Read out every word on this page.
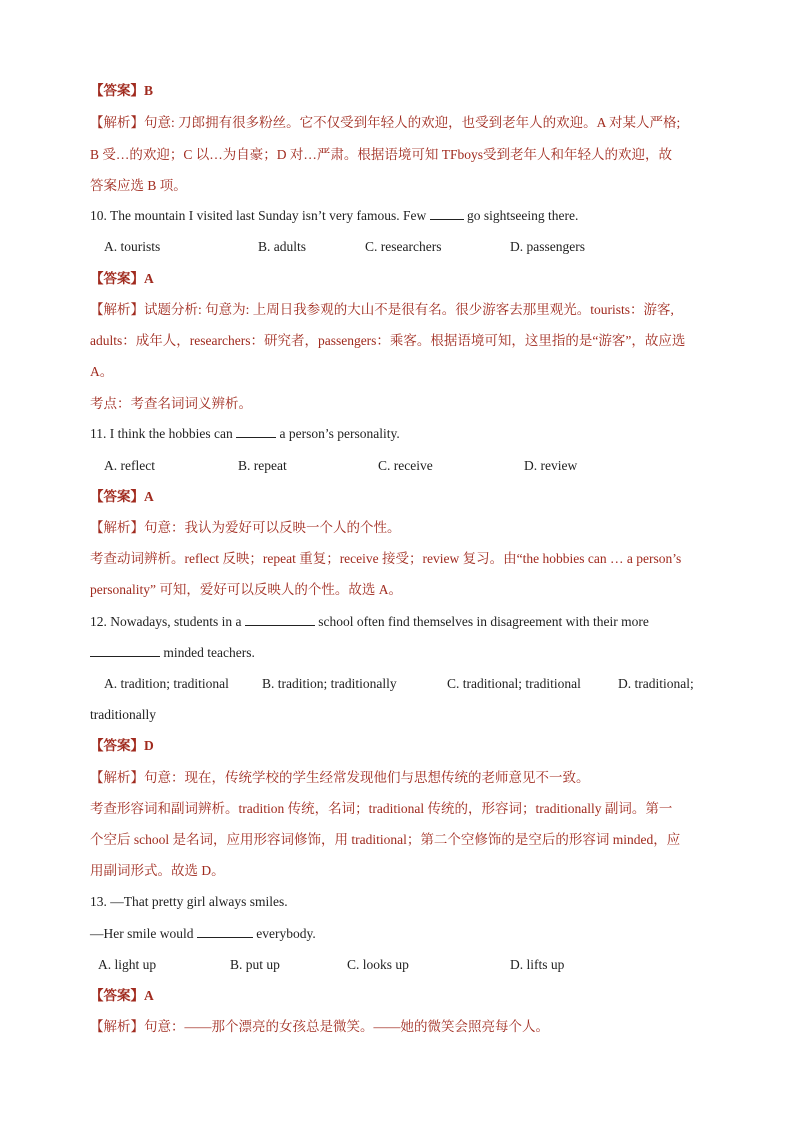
【答案】B
【解析】句意: 刀郎拥有很多粉丝。它不仅受到年轻人的欢迎，也受到老年人的欢迎。A 对某人严格;
B 受…的欢迎；C 以…为自豪；D 对…严肃。根据语境可知 TFboys受到老年人和年轻人的欢迎，故
答案应选 B 项。
10. The mountain I visited last Sunday isn’t very famous. Few	go sightseeing there.
A. tourists	B. adults	C. researchers	D. passengers
【答案】A
【解析】试题分析: 句意为: 上周日我参观的大山不是很有名。很少游客去那里观光。tourists：游客,
adults：成年人，researchers：研究者，passengers：乘客。根据语境可知，这里指的是“游客”，故应选
A。
考点：考查名词词义辨析。
11. I think the hobbies can	a person’s personality.
A. reflect	B. repeat	C. receive	D. review
【答案】A
【解析】句意：我认为爱好可以反映一个人的个性。
考查动词辨析。reflect 反映；repeat 重复；receive 接受；review 复习。由“the hobbies can … a person’s
personality” 可知，爱好可以反映人的个性。故选 A。
12. Nowadays, students in a	school often find themselves in disagreement with their more
minded teachers.
A. tradition; traditional B. tradition; traditionally	C. traditional; traditional	D. traditional;
traditionally
【答案】D
【解析】句意：现在，传统学校的学生经常发现他们与思想传统的老师意见不一致。
考查形容词和副词辨析。tradition 传统，名词；traditional 传统的，形容词；traditionally 副词。第一
个空后 school 是名词，应用形容词修饰，用 traditional；第二个空修饰的是空后的形容词 minded，应
用副词形式。故选 D。
13. —That pretty girl always smiles.
—Her smile would	everybody.
A. light up	B. put up	C. looks up	D. lifts up
【答案】A
【解析】句意：——那个漂亮的女孩总是微笑。——她的微笑会照亮每个人。
